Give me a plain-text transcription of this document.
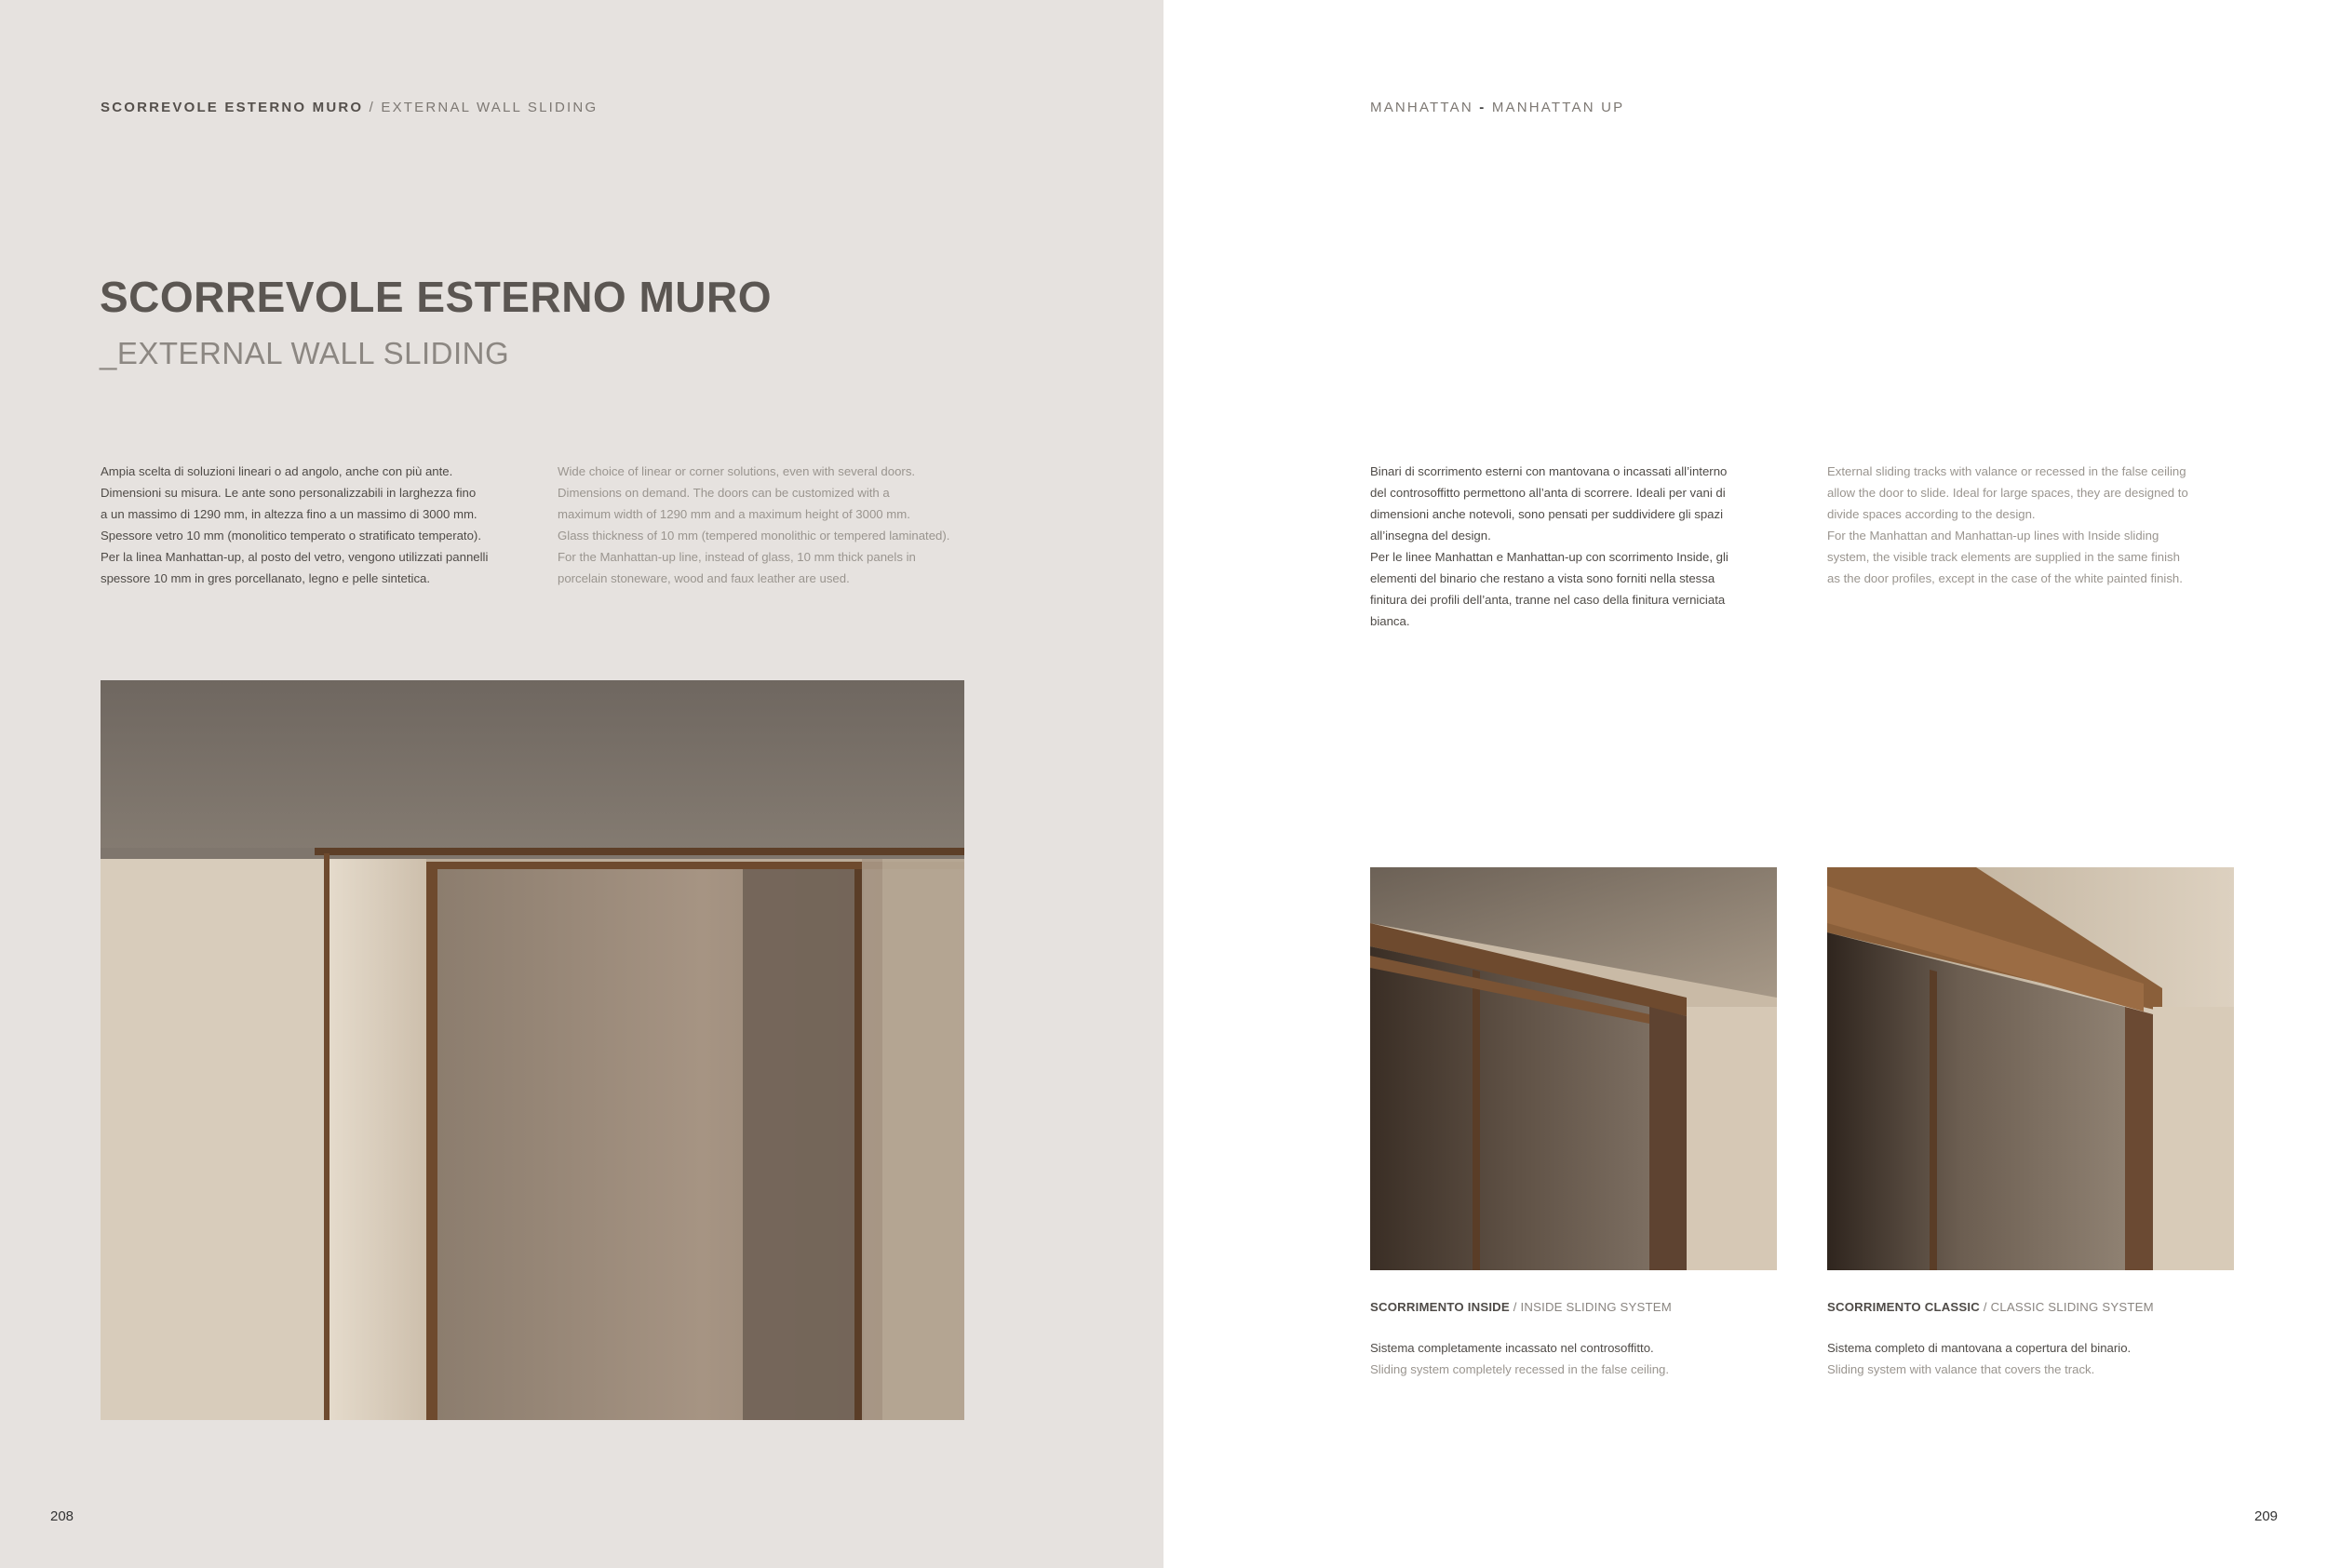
SCORREVOLE ESTERNO MURO / EXTERNAL WALL SLIDING
SCORREVOLE ESTERNO MURO
_EXTERNAL WALL SLIDING

Ampia scelta di soluzioni lineari o ad angolo, anche con più ante.

Dimensioni su misura. Le ante sono personalizzabili in larghezza fino

a un massimo di 1290 mm, in altezza fino a un massimo di 3000 mm.

Spessore vetro 10 mm (monolitico temperato o stratificato temperato).

Per la linea Manhattan-up, al posto del vetro, vengono utilizzati pannelli

spessore 10 mm in gres porcellanato, legno e pelle sintetica.

Wide choice of linear or corner solutions, even with several doors.

Dimensions on demand. The doors can be customized with a

maximum width of 1290 mm and a maximum height of 3000 mm.

Glass thickness of 10 mm (tempered monolithic or tempered laminated).

For the Manhattan-up line, instead of glass, 10 mm thick panels in

porcelain stoneware, wood and faux leather are used.

208
MANHATTAN - MANHATTAN UP

Binari di scorrimento esterni con mantovana o incassati all’interno

del controsoffitto permettono all’anta di scorrere. Ideali per vani di

dimensioni anche notevoli, sono pensati per suddividere gli spazi

all’insegna del design.

Per le linee Manhattan e Manhattan-up con scorrimento Inside, gli

elementi del binario che restano a vista sono forniti nella stessa

finitura dei profili dell’anta, tranne nel caso della finitura verniciata

bianca.

External sliding tracks with valance or recessed in the false ceiling

allow the door to slide. Ideal for large spaces, they are designed to

divide spaces according to the design.

For the Manhattan and Manhattan-up lines with Inside sliding

system, the visible track elements are supplied in the same finish

as the door profiles, except in the case of the white painted finish.

SCORRIMENTO INSIDE / INSIDE SLIDING SYSTEM
Sistema completamente incassato nel controsoffitto.
Sliding system completely recessed in the false ceiling.
SCORRIMENTO CLASSIC / CLASSIC SLIDING SYSTEM
Sistema completo di mantovana a copertura del binario.
Sliding system with valance that covers the track.
209
